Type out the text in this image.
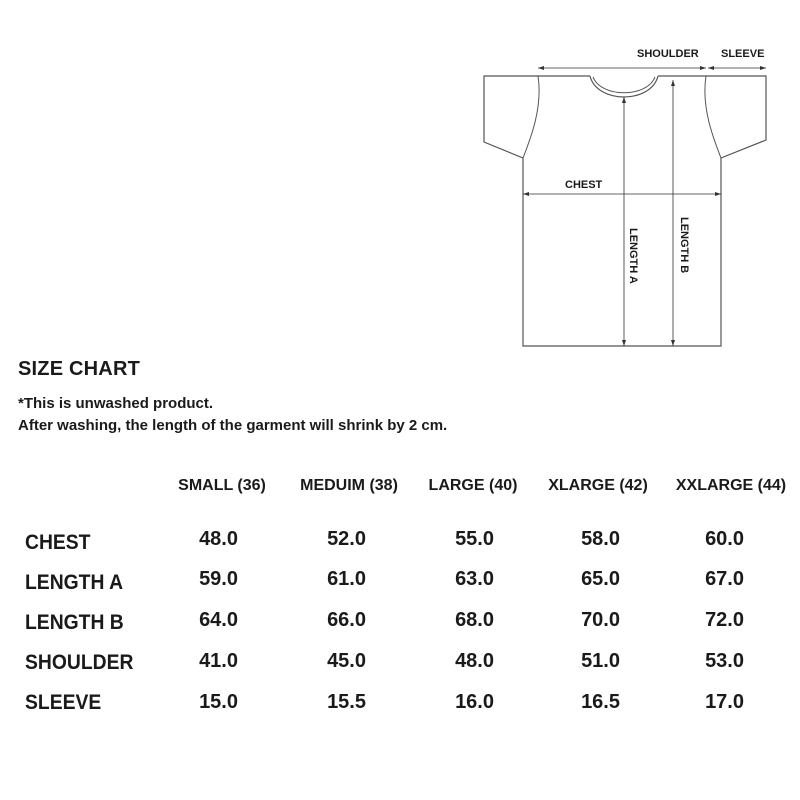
SHOULDER SLEEVE
CHEST
LENGTH A	LENGTH B
SIZE CHART
*This is unwashed product.
After washing, the length of the garment will shrink by 2 cm.
SMALL (36)	MEDUIM (38)	LARGE (40)	XLARGE (42)	XXLARGE (44)
CHEST	48.0	52.0	55.0	58.0	60.0
LENGTH A	59.0	61.0	63.0	65.0	67.0
LENGTH B	64.0	66.0	68.0	70.0	72.0
SHOULDER	41.0	45.0	48.0	51.0	53.0
SLEEVE	15.0	15.5	16.0	16.5	17.0
